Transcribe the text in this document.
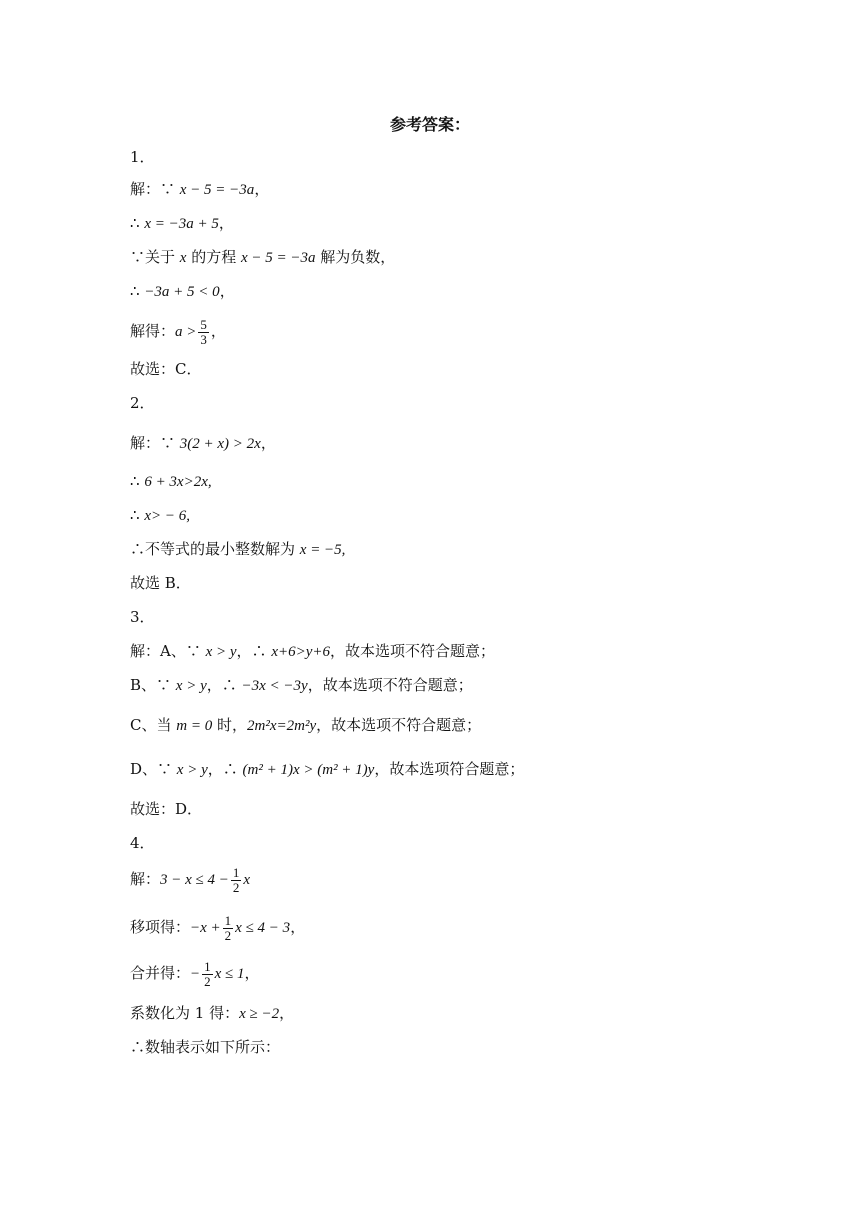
参考答案：
1．
解：∵ x − 5 = −3a，
∴ x = −3a + 5，
∵关于 x 的方程 x − 5 = −3a 解为负数，
∴ −3a + 5 < 0，
解得：$a > \frac{5}{3}$ ，
故选：C．
2．
解：∵ 3(2 + x) > 2x，
∴ 6 + 3x>2x,
∴ x> − 6,
∴不等式的最小整数解为 x = −5,
故选 B．
3．
解：A、∵ x > y，∴ x+6>y+6，故本选项不符合题意；
B、∵ x > y，∴ −3x < −3y，故本选项不符合题意；
C、当 m = 0 时，2m²x=2m²y，故本选项不符合题意；
D、∵ x > y，∴ (m² + 1)x > (m² + 1)y，故本选项符合题意；
故选：D．
4．
解：$3 - x \le 4 - \frac{1}{2}$ x
移项得：$-x + \frac{1}{2}$ x ≤ 4 − 3，
合并得：− $\frac{1}{2}$ x ≤ 1，
系数化为 1 得：x ≥ −2，
∴数轴表示如下所示：
